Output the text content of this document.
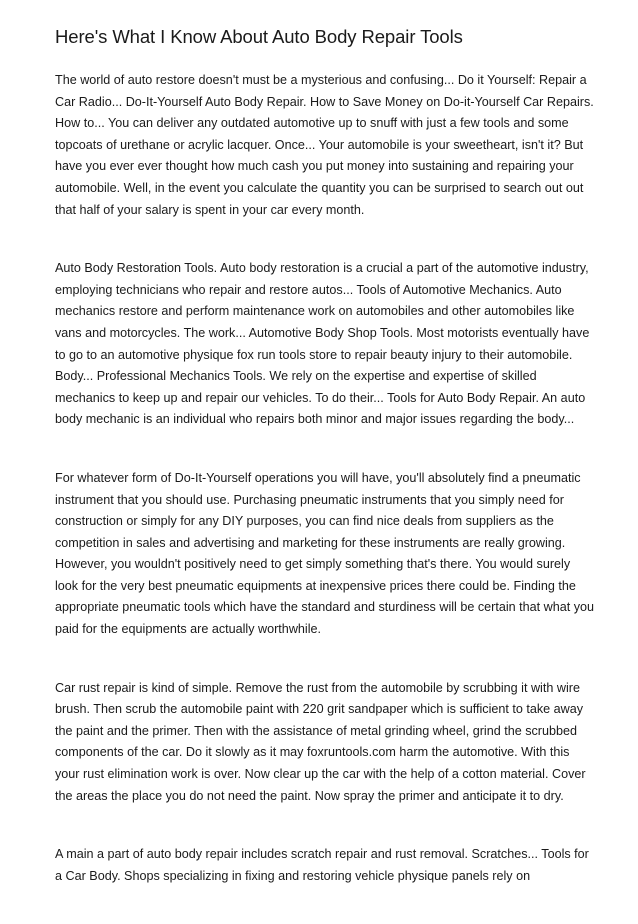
Here's What I Know About Auto Body Repair Tools

The world of auto restore doesn't must be a mysterious and confusing... Do it Yourself: Repair a Car Radio... Do-It-Yourself Auto Body Repair. How to Save Money on Do-it-Yourself Car Repairs. How to... You can deliver any outdated automotive up to snuff with just a few tools and some topcoats of urethane or acrylic lacquer. Once... Your automobile is your sweetheart, isn't it? But have you ever ever thought how much cash you put money into sustaining and repairing your automobile. Well, in the event you calculate the quantity you can be surprised to search out out that half of your salary is spent in your car every month.

Auto Body Restoration Tools. Auto body restoration is a crucial a part of the automotive industry, employing technicians who repair and restore autos... Tools of Automotive Mechanics. Auto mechanics restore and perform maintenance work on automobiles and other automobiles like vans and motorcycles. The work... Automotive Body Shop Tools. Most motorists eventually have to go to an automotive physique fox run tools store to repair beauty injury to their automobile. Body... Professional Mechanics Tools. We rely on the expertise and expertise of skilled mechanics to keep up and repair our vehicles. To do their... Tools for Auto Body Repair. An auto body mechanic is an individual who repairs both minor and major issues regarding the body...

For whatever form of Do-It-Yourself operations you will have, you'll absolutely find a pneumatic instrument that you should use. Purchasing pneumatic instruments that you simply need for construction or simply for any DIY purposes, you can find nice deals from suppliers as the competition in sales and advertising and marketing for these instruments are really growing. However, you wouldn't positively need to get simply something that's there. You would surely look for the very best pneumatic equipments at inexpensive prices there could be. Finding the appropriate pneumatic tools which have the standard and sturdiness will be certain that what you paid for the equipments are actually worthwhile.

Car rust repair is kind of simple. Remove the rust from the automobile by scrubbing it with wire brush. Then scrub the automobile paint with 220 grit sandpaper which is sufficient to take away the paint and the primer. Then with the assistance of metal grinding wheel, grind the scrubbed components of the car. Do it slowly as it may foxruntools.com harm the automotive. With this your rust elimination work is over. Now clear up the car with the help of a cotton material. Cover the areas the place you do not need the paint. Now spray the primer and anticipate it to dry.

A main a part of auto body repair includes scratch repair and rust removal. Scratches... Tools for a Car Body. Shops specializing in fixing and restoring vehicle physique panels rely on
